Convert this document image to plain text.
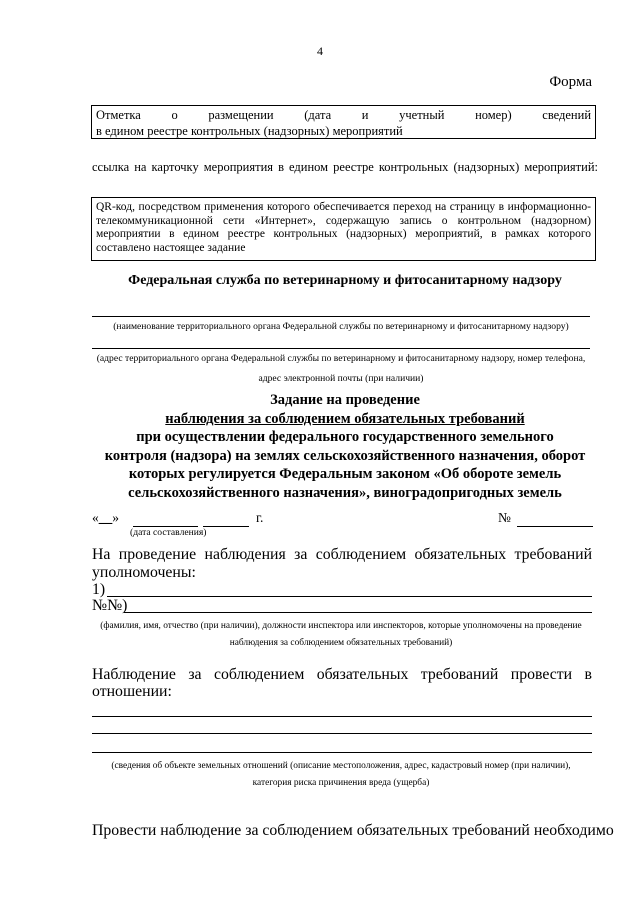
4
Форма
Отметка о размещении (дата и учетный номер) сведений
в едином реестре контрольных (надзорных) мероприятий
ссылка на карточку мероприятия в едином реестре контрольных (надзорных) мероприятий:
QR-код, посредством применения которого обеспечивается переход на страницу в информационно-телекоммуникационной сети «Интернет», содержащую запись о контрольном (надзорном) мероприятии в едином реестре контрольных (надзорных) мероприятий, в рамках которого составлено настоящее задание
Федеральная служба по ветеринарному и фитосанитарному надзору
(наименование территориального органа Федеральной службы по ветеринарному и фитосанитарному надзору)
(адрес территориального органа Федеральной службы по ветеринарному и фитосанитарному надзору, номер телефона,
адрес электронной почты (при наличии)
Задание на проведение
наблюдения за соблюдением обязательных требований
при осуществлении федерального государственного земельного
контроля (надзора) на землях сельскохозяйственного назначения, оборот
которых регулируется Федеральным законом «Об обороте земель
сельскохозяйственного назначения», виноградопригодных земель
«__»	г.
(дата составления)
№
На проведение наблюдения за соблюдением обязательных требований
уполномочены:
1)
№№)
(фамилия, имя, отчество (при наличии), должности инспектора или инспекторов, которые уполномочены на проведение
наблюдения за соблюдением обязательных требований)
Наблюдение за соблюдением обязательных требований провести в
отношении:
(сведения об объекте земельных отношений (описание местоположения, адрес, кадастровый номер (при наличии),
категория риска причинения вреда (ущерба)
Провести наблюдение за соблюдением обязательных требований необходимо
